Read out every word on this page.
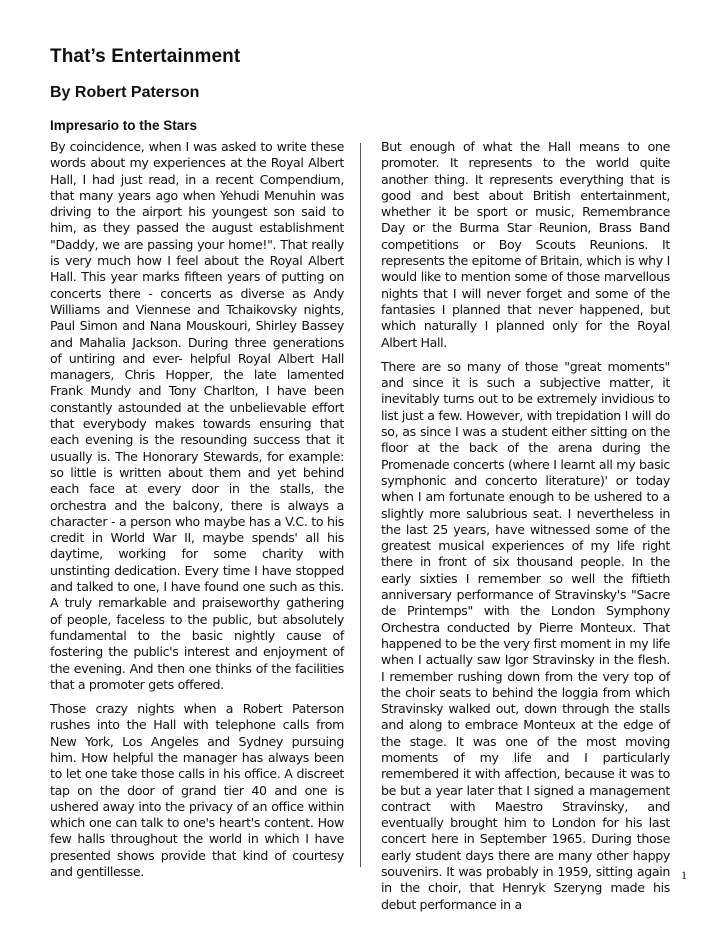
That’s Entertainment
By Robert Paterson
Impresario to the Stars

By coincidence, when I was asked to write these words about my experiences at the Royal Albert Hall, I had just read, in a recent Compendium, that many years ago when Yehudi Menuhin was driving to the airport his youngest son said to him, as they passed the august establishment "Daddy, we are passing your home!". That really is very much how I feel about the Royal Albert Hall. This year marks fifteen years of putting on concerts there - concerts as diverse as Andy Williams and Viennese and Tchaikovsky nights, Paul Simon and Nana Mouskouri, Shirley Bassey and Mahalia Jackson. During three generations of untiring and ever- helpful Royal Albert Hall managers, Chris Hopper, the late lamented Frank Mundy and Tony Charlton, I have been constantly astounded at the unbelievable effort that everybody makes towards ensuring that each evening is the resounding success that it usually is. The Honorary Stewards, for example: so little is written about them and yet behind each face at every door in the stalls, the orchestra and the balcony, there is always a character - a person who maybe has a V.C. to his credit in World War II, maybe spends' all his daytime, working for some charity with unstinting dedication. Every time I have stopped and talked to one, I have found one such as this. A truly remarkable and praiseworthy gathering of people, faceless to the public, but absolutely fundamental to the basic nightly cause of fostering the public's interest and enjoyment of the evening. And then one thinks of the facilities that a promoter gets offered.

Those crazy nights when a Robert Paterson rushes into the Hall with telephone calls from New York, Los Angeles and Sydney pursuing him. How helpful the manager has always been to let one take those calls in his office. A discreet tap on the door of grand tier 40 and one is ushered away into the privacy of an office within which one can talk to one's heart's content. How few halls throughout the world in which I have presented shows provide that kind of courtesy and gentillesse.

But enough of what the Hall means to one promoter. It represents to the world quite another thing. It represents everything that is good and best about British entertainment, whether it be sport or music, Remembrance Day or the Burma Star Reunion, Brass Band competitions or Boy Scouts Reunions. It represents the epitome of Britain, which is why I would like to mention some of those marvellous nights that I will never forget and some of the fantasies I planned that never happened, but which naturally I planned only for the Royal Albert Hall.

There are so many of those "great moments" and since it is such a subjective matter, it inevitably turns out to be extremely invidious to list just a few. However, with trepidation I will do so, as since I was a student either sitting on the floor at the back of the arena during the Promenade concerts (where I learnt all my basic symphonic and concerto literature)' or today when I am fortunate enough to be ushered to a slightly more salubrious seat. I nevertheless in the last 25 years, have witnessed some of the greatest musical experiences of my life right there in front of six thousand people. In the early sixties I remember so well the fiftieth anniversary performance of Stravinsky's "Sacre de Printemps" with the London Symphony Orchestra conducted by Pierre Monteux. That happened to be the very first moment in my life when I actually saw Igor Stravinsky in the flesh. I remember rushing down from the very top of the choir seats to behind the loggia from which Stravinsky walked out, down through the stalls and along to embrace Monteux at the edge of the stage. It was one of the most moving moments of my life and I particularly remembered it with affection, because it was to be but a year later that I signed a management contract with Maestro Stravinsky, and eventually brought him to London for his last concert here in September 1965. During those early student days there are many other happy souvenirs. It was probably in 1959, sitting again in the choir, that Henryk Szeryng made his debut performance in a

1
